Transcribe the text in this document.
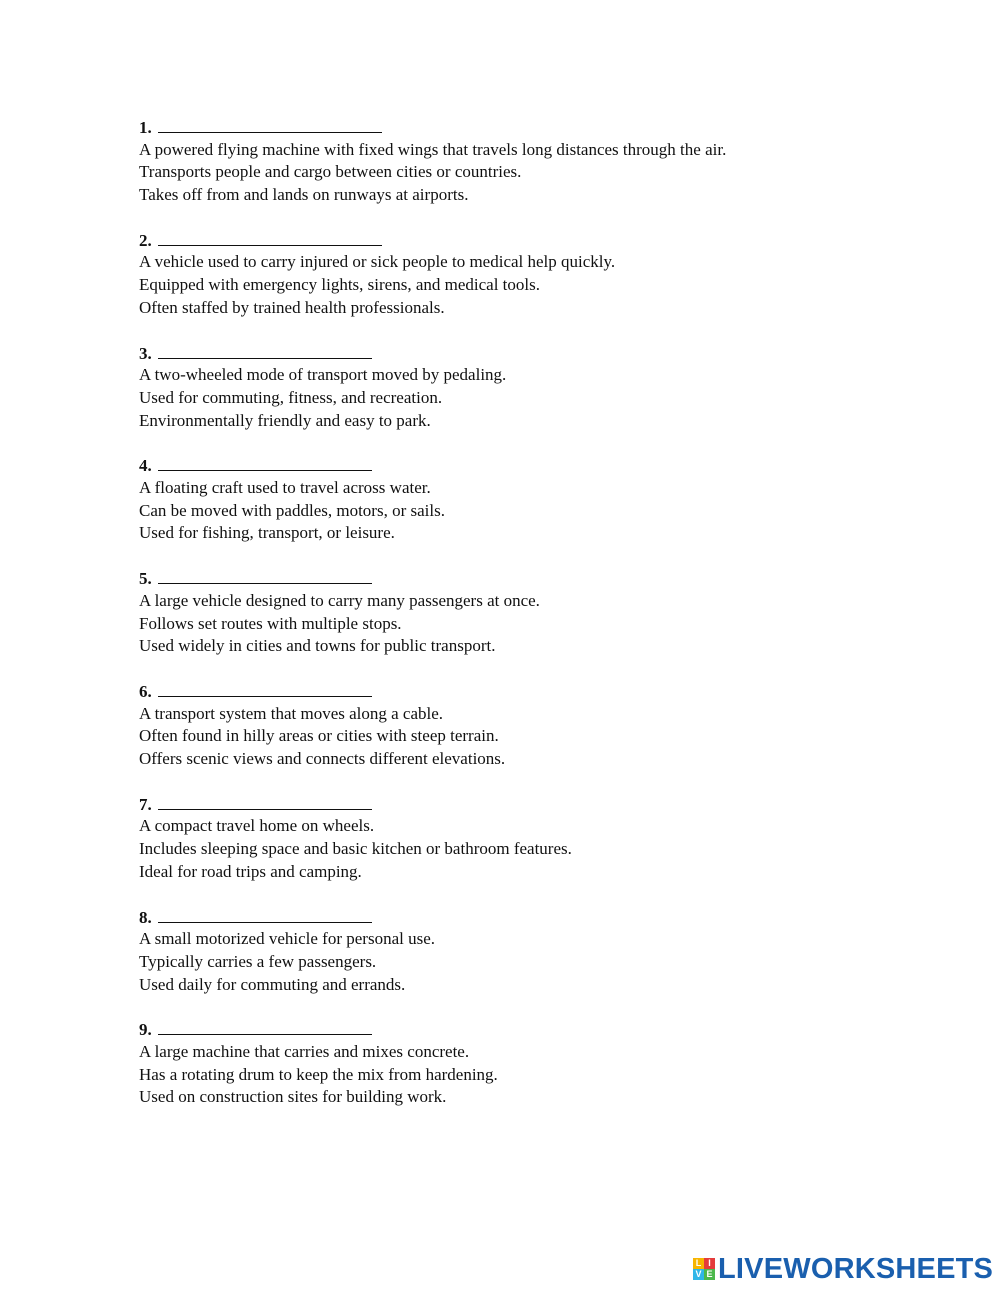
1.
A powered flying machine with fixed wings that travels long distances through the air.
Transports people and cargo between cities or countries.
Takes off from and lands on runways at airports.
2.
A vehicle used to carry injured or sick people to medical help quickly.
Equipped with emergency lights, sirens, and medical tools.
Often staffed by trained health professionals.
3.
A two-wheeled mode of transport moved by pedaling.
Used for commuting, fitness, and recreation.
Environmentally friendly and easy to park.
4.
A floating craft used to travel across water.
Can be moved with paddles, motors, or sails.
Used for fishing, transport, or leisure.
5.
A large vehicle designed to carry many passengers at once.
Follows set routes with multiple stops.
Used widely in cities and towns for public transport.
6.
A transport system that moves along a cable.
Often found in hilly areas or cities with steep terrain.
Offers scenic views and connects different elevations.
7.
A compact travel home on wheels.
Includes sleeping space and basic kitchen or bathroom features.
Ideal for road trips and camping.
8.
A small motorized vehicle for personal use.
Typically carries a few passengers.
Used daily for commuting and errands.
9.
A large machine that carries and mixes concrete.
Has a rotating drum to keep the mix from hardening.
Used on construction sites for building work.
L I
V E LIVEWORKSHEETS
